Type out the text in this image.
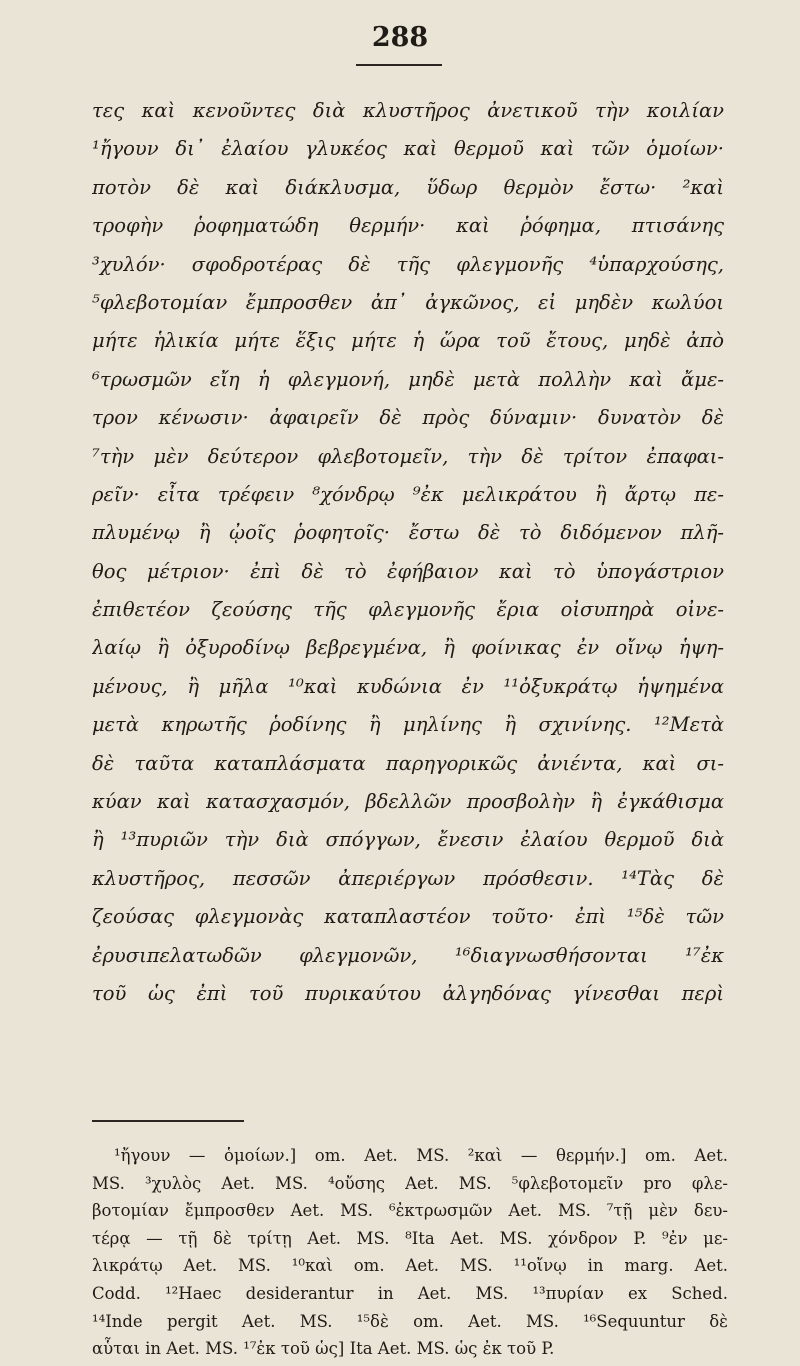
288
τες καὶ κενοῦντες διὰ κλυστῆρος ἀνετικοῦ τὴν κοιλίαν
¹ἤγουν δι᾽ ἐλαίου γλυκέος καὶ θερμοῦ καὶ τῶν ὁμοίων·
ποτὸν δὲ καὶ διάκλυσμα, ὕδωρ θερμὸν ἔστω· ²καὶ
τροφὴν ῥοφηματώδη θερμήν· καὶ ῥόφημα, πτισάνης
³χυλόν· σφοδροτέρας δὲ τῆς φλεγμονῆς ⁴ὑπαρχούσης,
⁵φλεβοτομίαν ἔμπροσθεν ἀπ᾽ ἀγκῶνος, εἰ μηδὲν κωλύοι
μήτε ἡλικία μήτε ἕξις μήτε ἡ ὥρα τοῦ ἔτους, μηδὲ ἀπὸ
⁶τρωσμῶν εἴη ἡ φλεγμονή, μηδὲ μετὰ πολλὴν καὶ ἄμε-
τρον κένωσιν· ἀφαιρεῖν δὲ πρὸς δύναμιν· δυνατὸν δὲ
⁷τὴν μὲν δεύτερον φλεβοτομεῖν, τὴν δὲ τρίτον ἐπαφαι-
ρεῖν· εἶτα τρέφειν ⁸χόνδρῳ ⁹ἐκ μελικράτου ἢ ἄρτῳ πε-
πλυμένῳ ἢ ᾠοῖς ῥοφητοῖς· ἔστω δὲ τὸ διδόμενον πλῆ-
θος μέτριον· ἐπὶ δὲ τὸ ἐφήβαιον καὶ τὸ ὑπογάστριον
ἐπιθετέον ζεούσης τῆς φλεγμονῆς ἔρια οἰσυπηρὰ οἰνε-
λαίῳ ἢ ὀξυροδίνῳ βεβρεγμένα, ἢ φοίνικας ἐν οἴνῳ ἡψη-
μένους, ἢ μῆλα ¹⁰καὶ κυδώνια ἐν ¹¹ὀξυκράτῳ ἡψημένα
μετὰ κηρωτῆς ῥοδίνης ἢ μηλίνης ἢ σχινίνης. ¹²Μετὰ
δὲ ταῦτα καταπλάσματα παρηγορικῶς ἀνιέντα, καὶ σι-
κύαν καὶ κατασχασμόν, βδελλῶν προσβολὴν ἢ ἐγκάθισμα
ἢ ¹³πυριῶν τὴν διὰ σπόγγων, ἔνεσιν ἐλαίου θερμοῦ διὰ
κλυστῆρος, πεσσῶν ἀπεριέργων πρόσθεσιν. ¹⁴Τὰς δὲ
ζεούσας φλεγμονὰς καταπλαστέον τοῦτο· ἐπὶ ¹⁵δὲ τῶν
ἐρυσιπελατωδῶν φλεγμονῶν, ¹⁶διαγνωσθήσονται ¹⁷ἐκ
τοῦ ὡς ἐπὶ τοῦ πυρικαύτου ἀλγηδόνας γίνεσθαι περὶ
¹ἤγουν — ὁμοίων.] om. Aet. MS. ²καὶ — θερμήν.] om. Aet.
MS. ³χυλὸς Aet. MS. ⁴οὔσης Aet. MS. ⁵φλεβοτομεῖν pro φλε-
βοτομίαν ἔμπροσθεν Aet. MS. ⁶ἐκτρωσμῶν Aet. MS. ⁷τῇ μὲν δευ-
τέρᾳ — τῇ δὲ τρίτῃ Aet. MS. ⁸Ita Aet. MS. χόνδρον P. ⁹ἐν με-
λικράτῳ Aet. MS. ¹⁰καὶ om. Aet. MS. ¹¹οἴνῳ in marg. Aet.
Codd. ¹²Haec desiderantur in Aet. MS. ¹³πυρίαν ex Sched.
¹⁴Inde pergit Aet. MS. ¹⁵δὲ om. Aet. MS. ¹⁶Sequuntur δὲ
αὗται in Aet. MS. ¹⁷ἐκ τοῦ ὡς] Ita Aet. MS. ὡς ἐκ τοῦ P.
